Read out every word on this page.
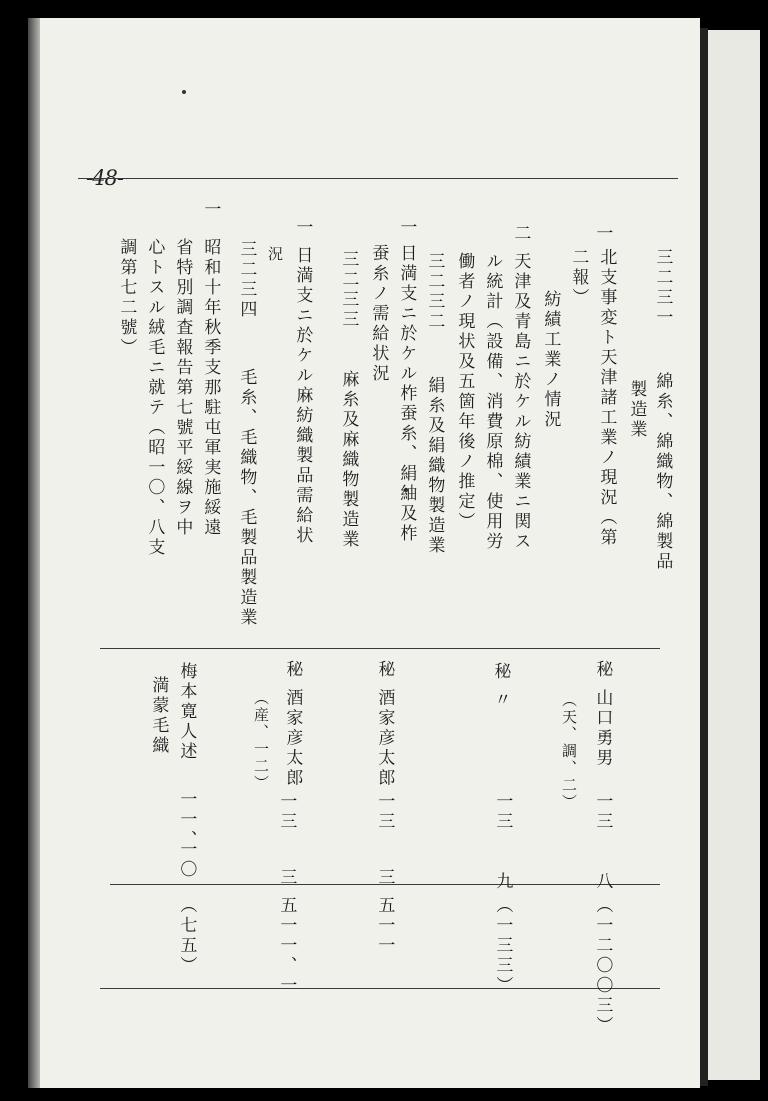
-48-
一
北支事変ト天津諸工業ノ現況（第
二報）
秘 山口勇男
（天、調、二）
一三
八
（一二〇〇三）
三二三一
綿糸、綿織物、綿製品
製造業
紡績工業ノ情況
二
天津及青島ニ於ケル紡績業ニ関ス
ル統計（設備、消費原棉、使用労
働者ノ現状及五箇年後ノ推定）
秘 〃
一三
九
（一三三）
三二三二
絹糸及絹織物製造業
一
日満支ニ於ケル柞蚕糸、絹紬及柞
蚕糸ノ需給状況
秘 酒家彦太郎
一三
三
五一一
三二三三
麻糸及麻織物製造業
一
日満支ニ於ケル麻紡織製品需給状
況
秘 酒家彦太郎
（産、一二）
一三
三
五一一、一
三二三四
毛糸、毛織物、毛製品製造業
一
昭和十年秋季支那駐屯軍実施綏遠
省特別調査報告第七號平綏線ヲ中
心トスル絨毛ニ就テ（昭一〇、八支
調第七二號）
梅本寛人述
満蒙毛織
一一、
一〇
（七五）
